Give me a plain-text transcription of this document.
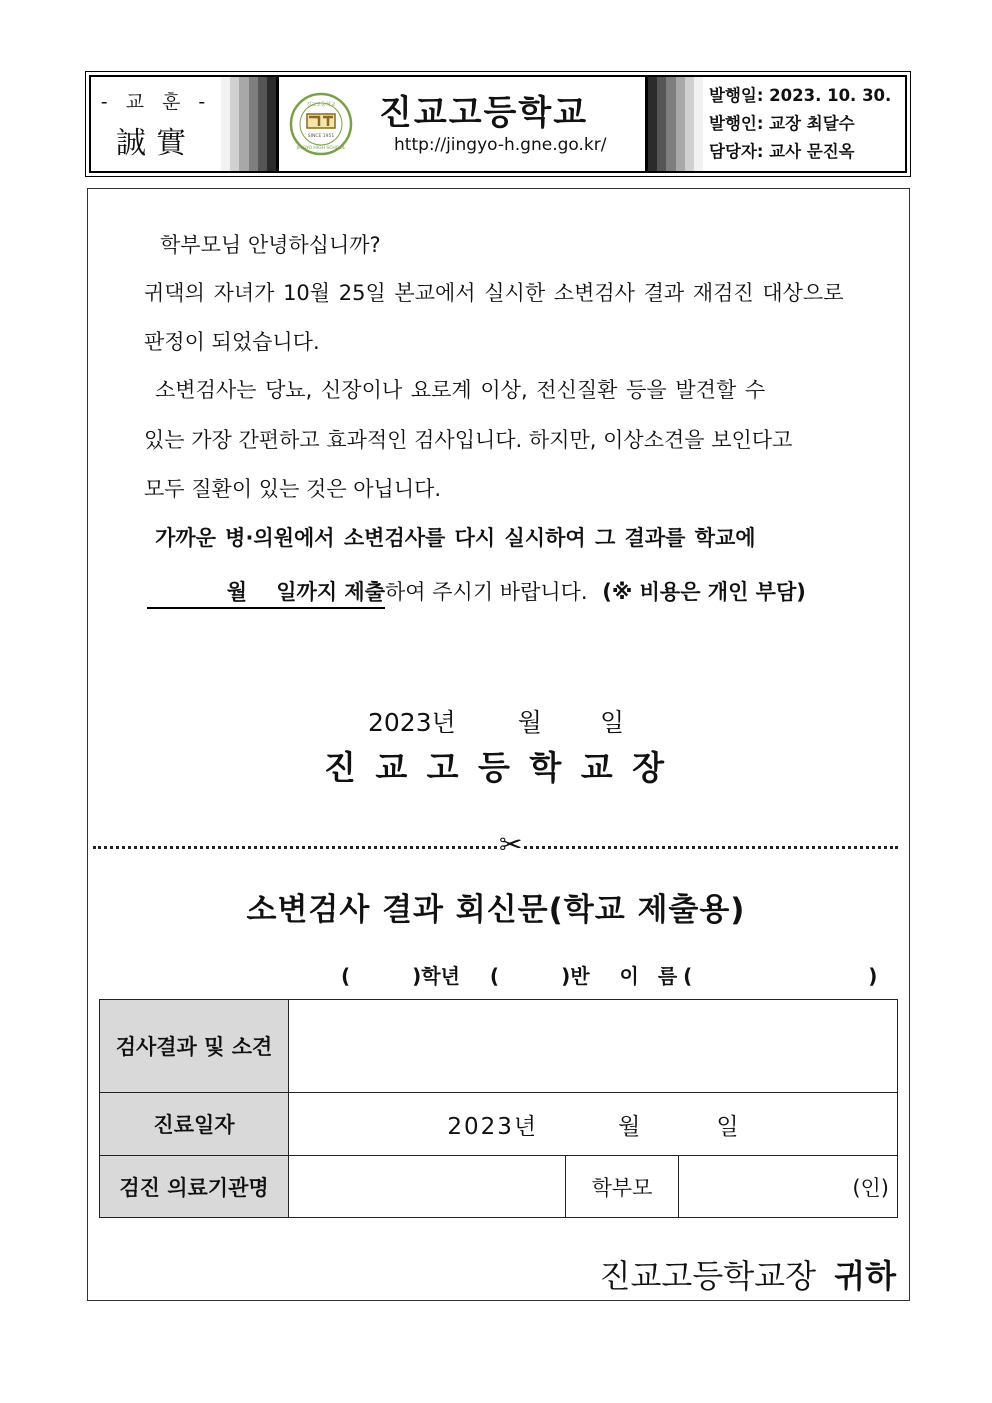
- 교 훈 -
誠實	SINCE 1951
진교고등학교
JINGYO HIGH SCHOOL
진교고등학교
http://jingyo-h.gne.go.kr/
발행일: 2023. 10. 30.
발행인: 교장 최달수
담당자: 교사 문진옥
학부모님 안녕하십니까?
귀댁의 자녀가 10월 25일 본교에서 실시한 소변검사 결과 재검진 대상으로
판정이 되었습니다.
소변검사는 당뇨, 신장이나 요로계 이상, 전신질환 등을 발견할 수
있는 가장 간편하고 효과적인 검사입니다. 하지만, 이상소견을 보인다고
모두 질환이 있는 것은 아닙니다.
가까운 병·의원에서 소변검사를 다시 실시하여 그 결과를 학교에
월    일까지 제출하여 주시기 바랍니다. (※ 비용은 개인 부담)
2023년 월 일
진 교 고 등 학 교 장
✂
소변검사 결과 회신문(학교 제출용)
(	)학년 (	)반 이 름(	)
검사결과 및 소견			
진료일자	2023년 월 일		
검진 의료기관명		학부모	(인)
진교고등학교장 귀하
